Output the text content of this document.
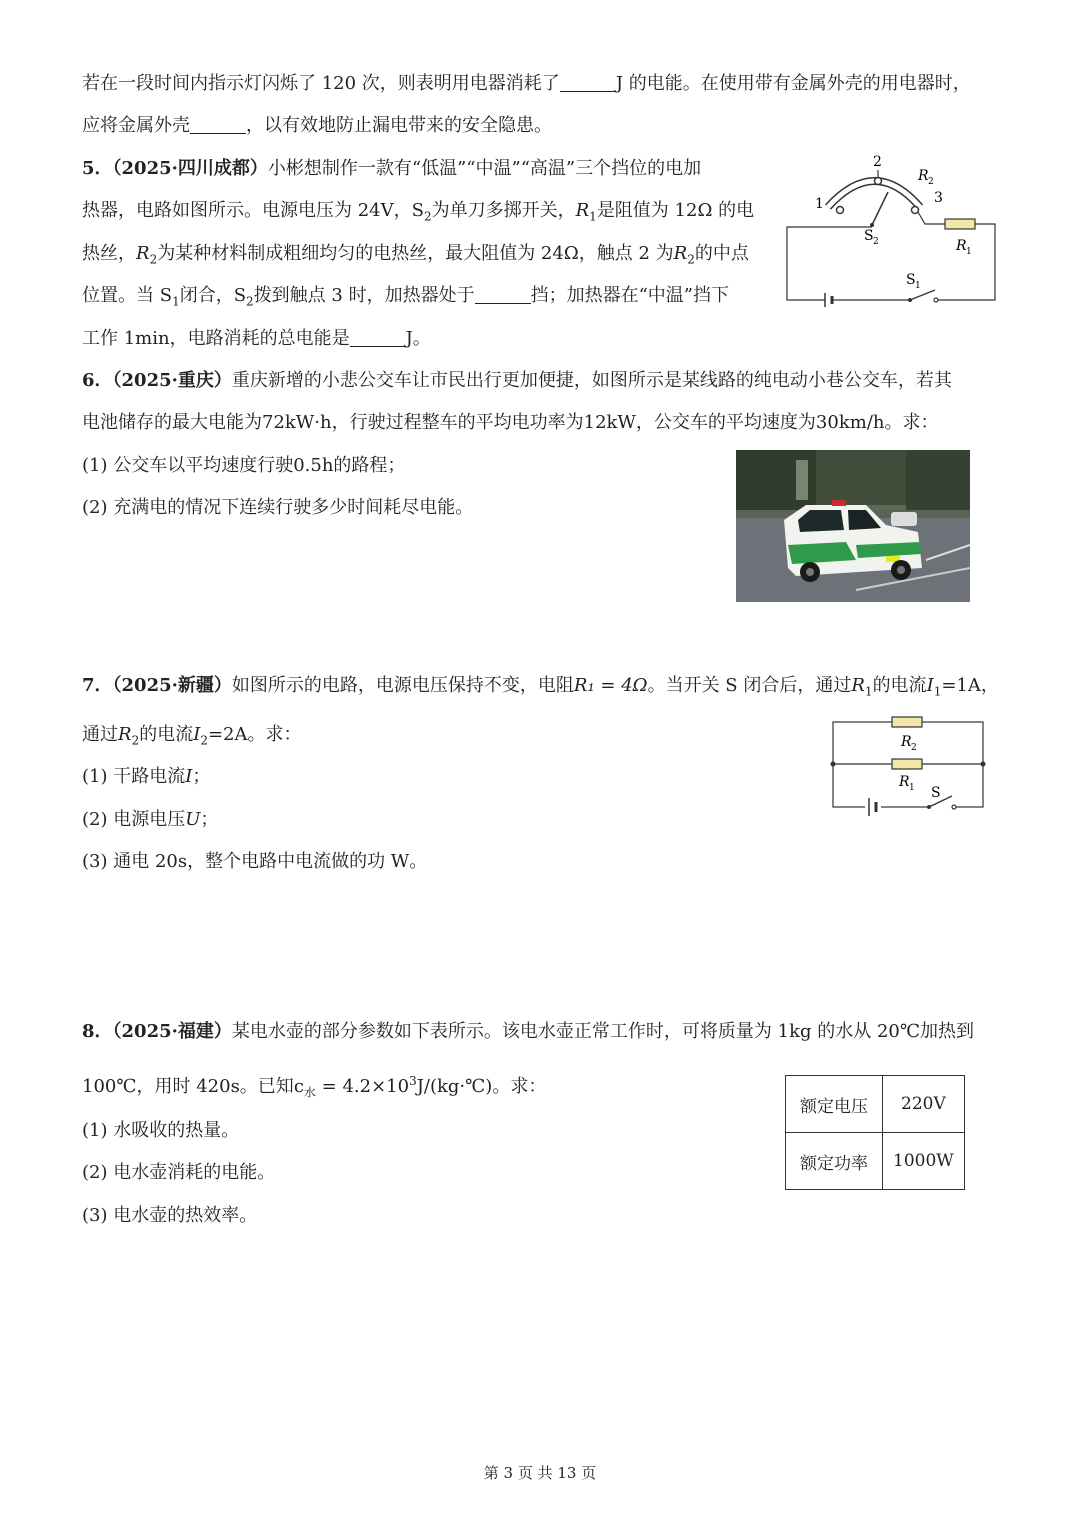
若在一段时间内指示灯闪烁了 120 次，则表明用电器消耗了	J 的电能。在使用带有金属外壳的用电器时，
应将金属外壳	，以有效地防止漏电带来的安全隐患。
5．（2025·四川成都）小彬想制作一款有“低温”“中温”“高温”三个挡位的电加
热器，电路如图所示。电源电压为 24V，$S_2$为单刀多掷开关，$R_1$是阻值为 12Ω 的电
热丝，$R_2$为某种材料制成粗细均匀的电热丝，最大阻值为 24Ω，触点 2 为$R_2$的中点
位置。当 $S_1$闭合，$S_2$拨到触点 3 时，加热器处于	挡；加热器在“中温”挡下
工作 1min，电路消耗的总电能是	J。
1
2
3
R 2
R 1
S 2
S 1
6．（2025·重庆）重庆新增的小悲公交车让市民出行更加便捷，如图所示是某线路的纯电动小巷公交车，若其
电池储存的最大电能为72kW·h，行驶过程整车的平均电功率为12kW，公交车的平均速度为30km/h。求：
(1) 公交车以平均速度行驶0.5h的路程；
(2) 充满电的情况下连续行驶多少时间耗尽电能。
7．（2025·新疆）如图所示的电路，电源电压保持不变，电阻R₁ = 4Ω。当开关 S 闭合后，通过$R_1$的电流$I_1=1A$，
通过$R_2$的电流$I_2=2A$。求：
(1) 干路电流I；
(2) 电源电压U；
(3) 通电 20s，整个电路中电流做的功 W。
R 2
R 1 S
8．（2025·福建）某电水壶的部分参数如下表所示。该电水壶正常工作时，可将质量为 1kg 的水从 20℃加热到
100℃，用时 420s。已知$c_水$ = $4.2\times 10^3J/(kg\cdot℃)$。求：
(1) 水吸收的热量。
(2) 电水壶消耗的电能。
(3) 电水壶的热效率。
额定电压	220V
额定功率	1000W
第 3 页 共 13 页
